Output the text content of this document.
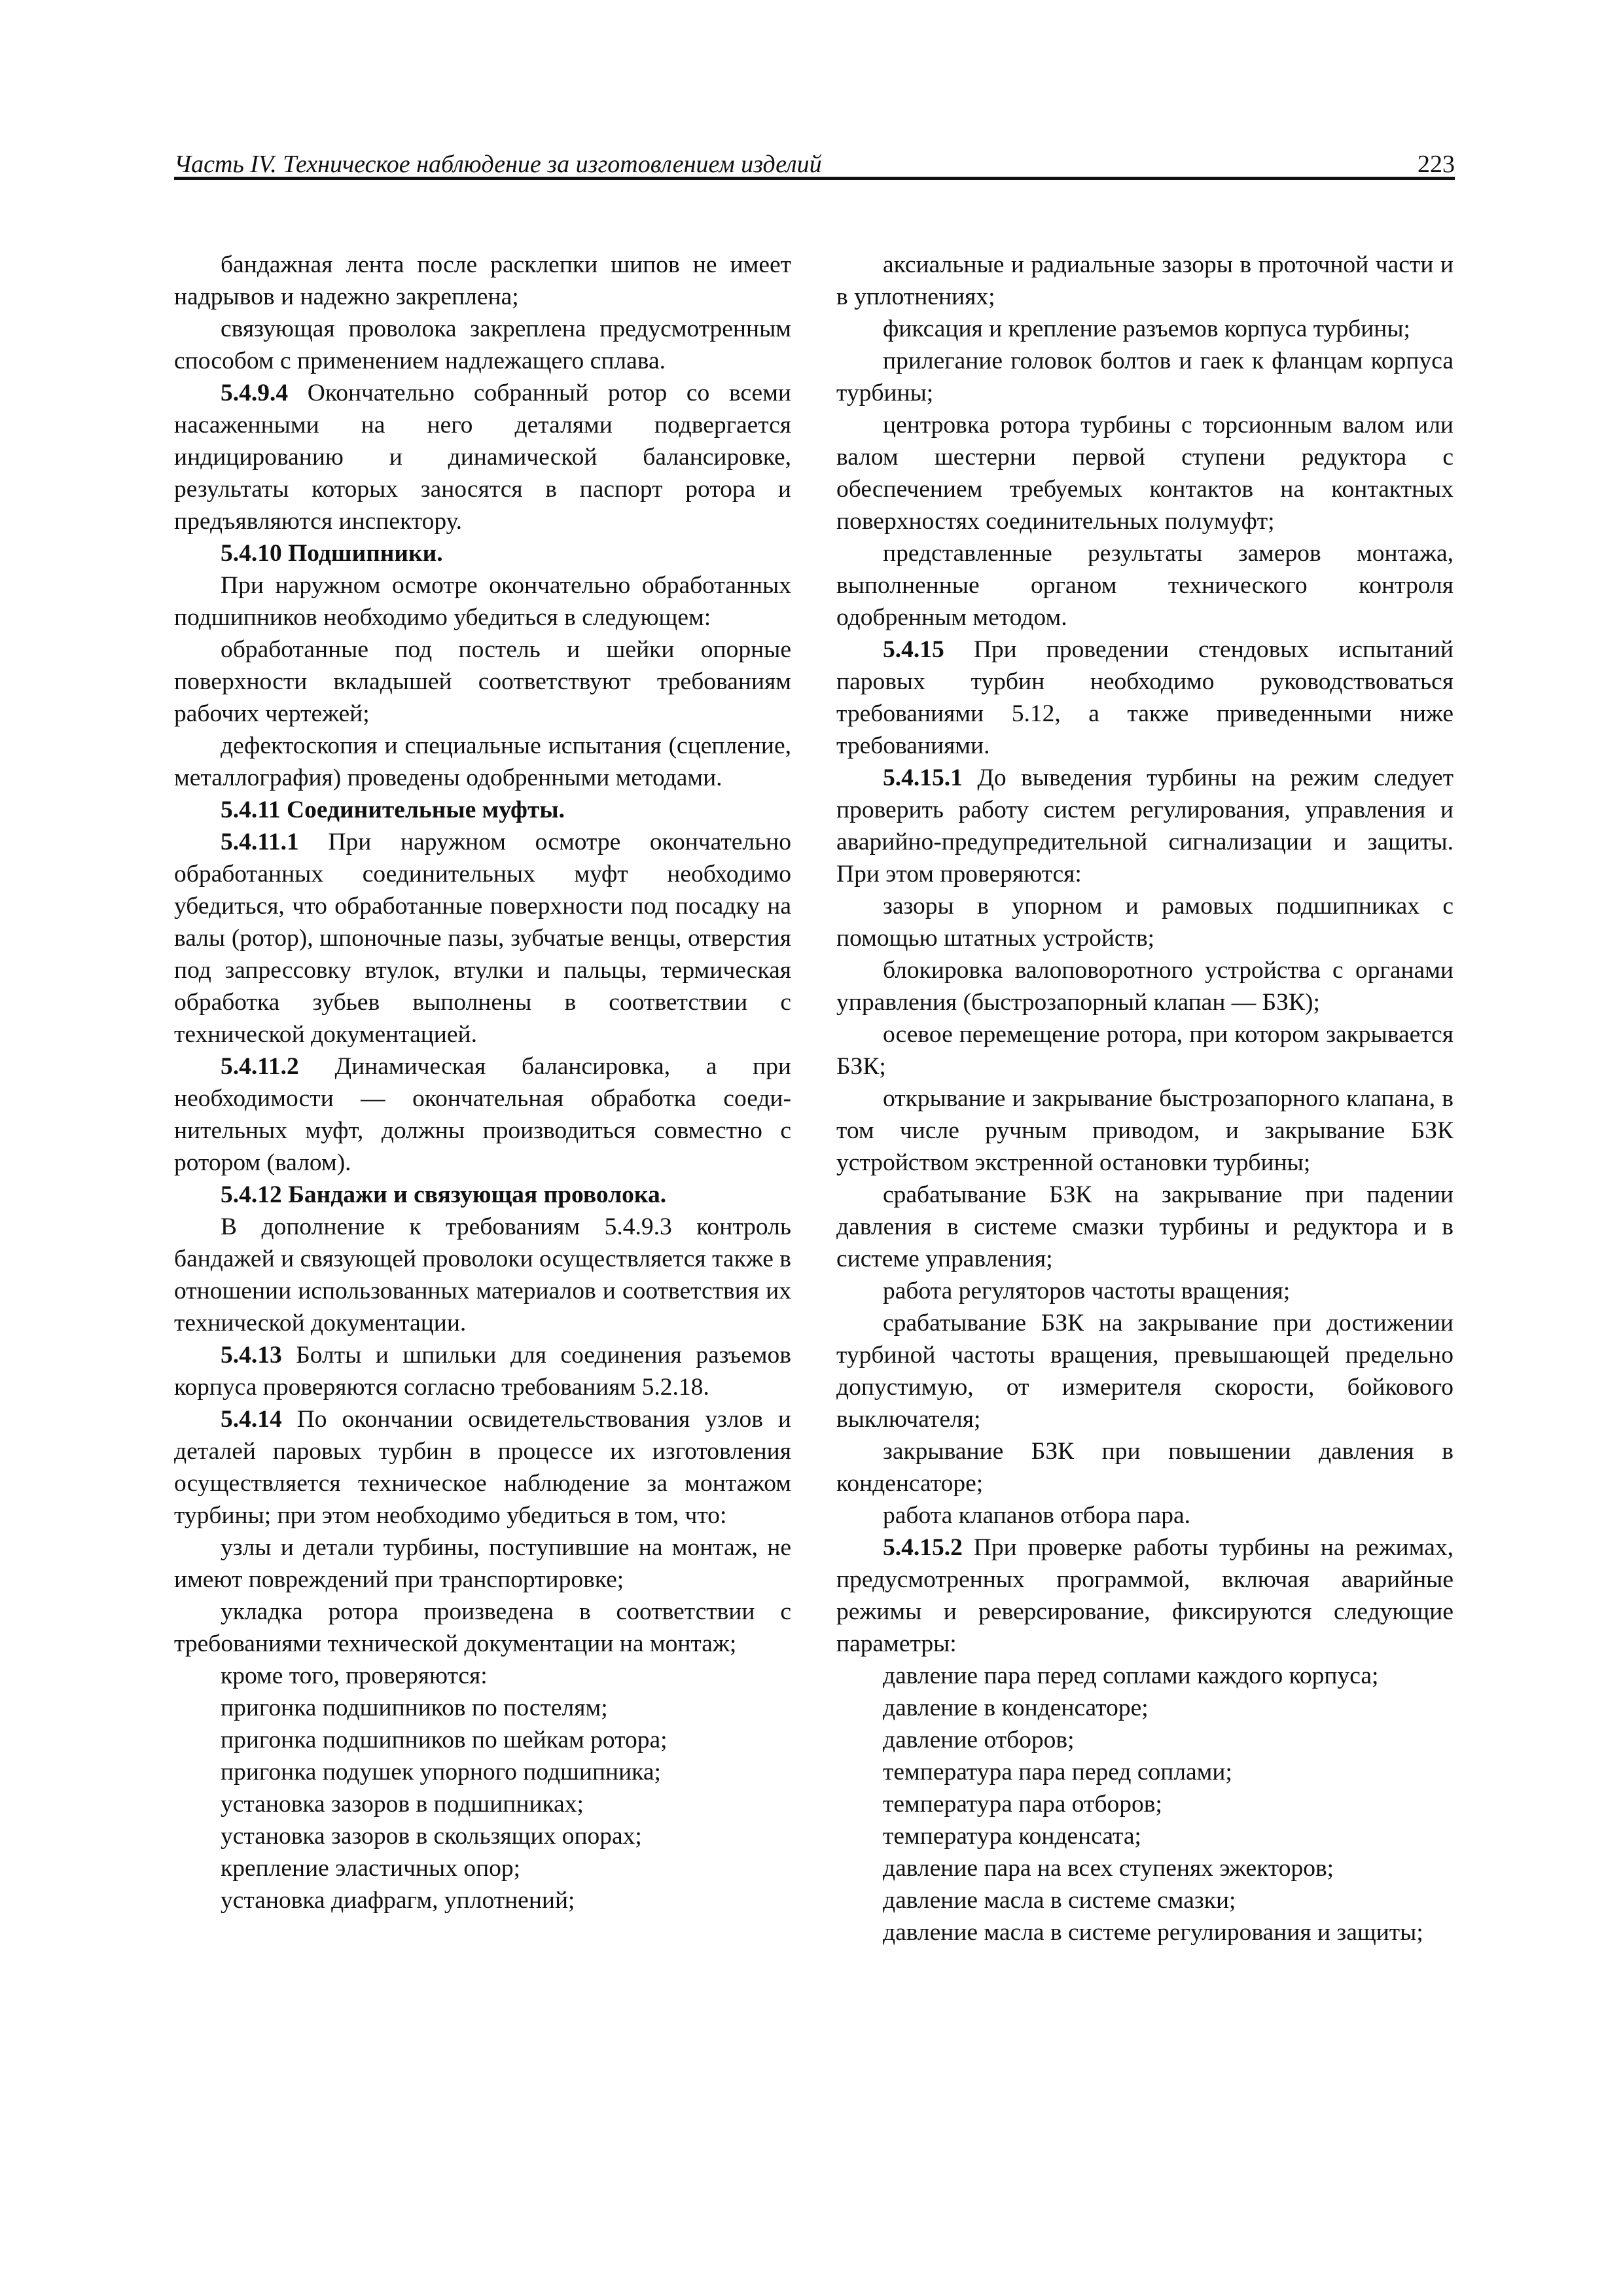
Часть IV. Техническое наблюдение за изготовлением изделий	223

бандажная лента после расклепки шипов не имеет надрывов и надежно закреплена;

связующая проволока закреплена предусмотренным способом с применением надлежащего сплава.

5.4.9.4 Окончательно собранный ротор со всеми насаженными на него деталями подвергается индицированию и динамической балансировке, результаты которых заносятся в паспорт ротора и предъявляются инспектору.

5.4.10 Подшипники.

При наружном осмотре окончательно обработанных подшипников необходимо убедиться в следующем:

обработанные под постель и шейки опорные поверхности вкладышей соответствуют требованиям рабочих чертежей;

дефектоскопия и специальные испытания (сцепление, металлография) проведены одобренными методами.

5.4.11 Соединительные муфты.

5.4.11.1 При наружном осмотре окончательно обработанных соединительных муфт необходимо убедиться, что обработанные поверхности под посадку на валы (ротор), шпоночные пазы, зубчатые венцы, отверстия под запрессовку втулок, втулки и пальцы, термическая обработка зубьев выполнены в соответствии с технической документацией.

5.4.11.2 Динамическая балансировка, а при необходимости — окончательная обработка соединительных муфт, должны производиться совместно с ротором (валом).

5.4.12 Бандажи и связующая проволока.

В дополнение к требованиям 5.4.9.3 контроль бандажей и связующей проволоки осуществляется также в отношении использованных материалов и соответствия их технической документации.

5.4.13 Болты и шпильки для соединения разъемов корпуса проверяются согласно требованиям 5.2.18.

5.4.14 По окончании освидетельствования узлов и деталей паровых турбин в процессе их изготовления осуществляется техническое наблюдение за монтажом турбины; при этом необходимо убедиться в том, что:

узлы и детали турбины, поступившие на монтаж, не имеют повреждений при транспортировке;

укладка ротора произведена в соответствии с требованиями технической документации на монтаж;

кроме того, проверяются:

пригонка подшипников по постелям;

пригонка подшипников по шейкам ротора;

пригонка подушек упорного подшипника;

установка зазоров в подшипниках;

установка зазоров в скользящих опорах;

крепление эластичных опор;

установка диафрагм, уплотнений;

аксиальные и радиальные зазоры в проточной части и в уплотнениях;

фиксация и крепление разъемов корпуса турбины;

прилегание головок болтов и гаек к фланцам корпуса турбины;

центровка ротора турбины с торсионным валом или валом шестерни первой ступени редуктора с обеспечением требуемых контактов на контактных поверхностях соединительных полумуфт;

представленные результаты замеров монтажа, выполненные органом технического контроля одобренным методом.

5.4.15 При проведении стендовых испытаний паровых турбин необходимо руководствоваться требованиями 5.12, а также приведенными ниже требованиями.

5.4.15.1 До выведения турбины на режим следует проверить работу систем регулирования, управления и аварийно-предупредительной сигнализации и защиты. При этом проверяются:

зазоры в упорном и рамовых подшипниках с помощью штатных устройств;

блокировка валоповоротного устройства с органами управления (быстрозапорный клапан — БЗК);

осевое перемещение ротора, при котором закрывается БЗК;

открывание и закрывание быстрозапорного клапана, в том числе ручным приводом, и закрывание БЗК устройством экстренной остановки турбины;

срабатывание БЗК на закрывание при падении давления в системе смазки турбины и редуктора и в системе управления;

работа регуляторов частоты вращения;

срабатывание БЗК на закрывание при достижении турбиной частоты вращения, превышающей предельно допустимую, от измерителя скорости, бойкового выключателя;

закрывание БЗК при повышении давления в конденсаторе;

работа клапанов отбора пара.

5.4.15.2 При проверке работы турбины на режимах, предусмотренных программой, включая аварийные режимы и реверсирование, фиксируются следующие параметры:

давление пара перед соплами каждого корпуса;

давление в конденсаторе;

давление отборов;

температура пара перед соплами;

температура пара отборов;

температура конденсата;

давление пара на всех ступенях эжекторов;

давление масла в системе смазки;

давление масла в системе регулирования и защиты;
